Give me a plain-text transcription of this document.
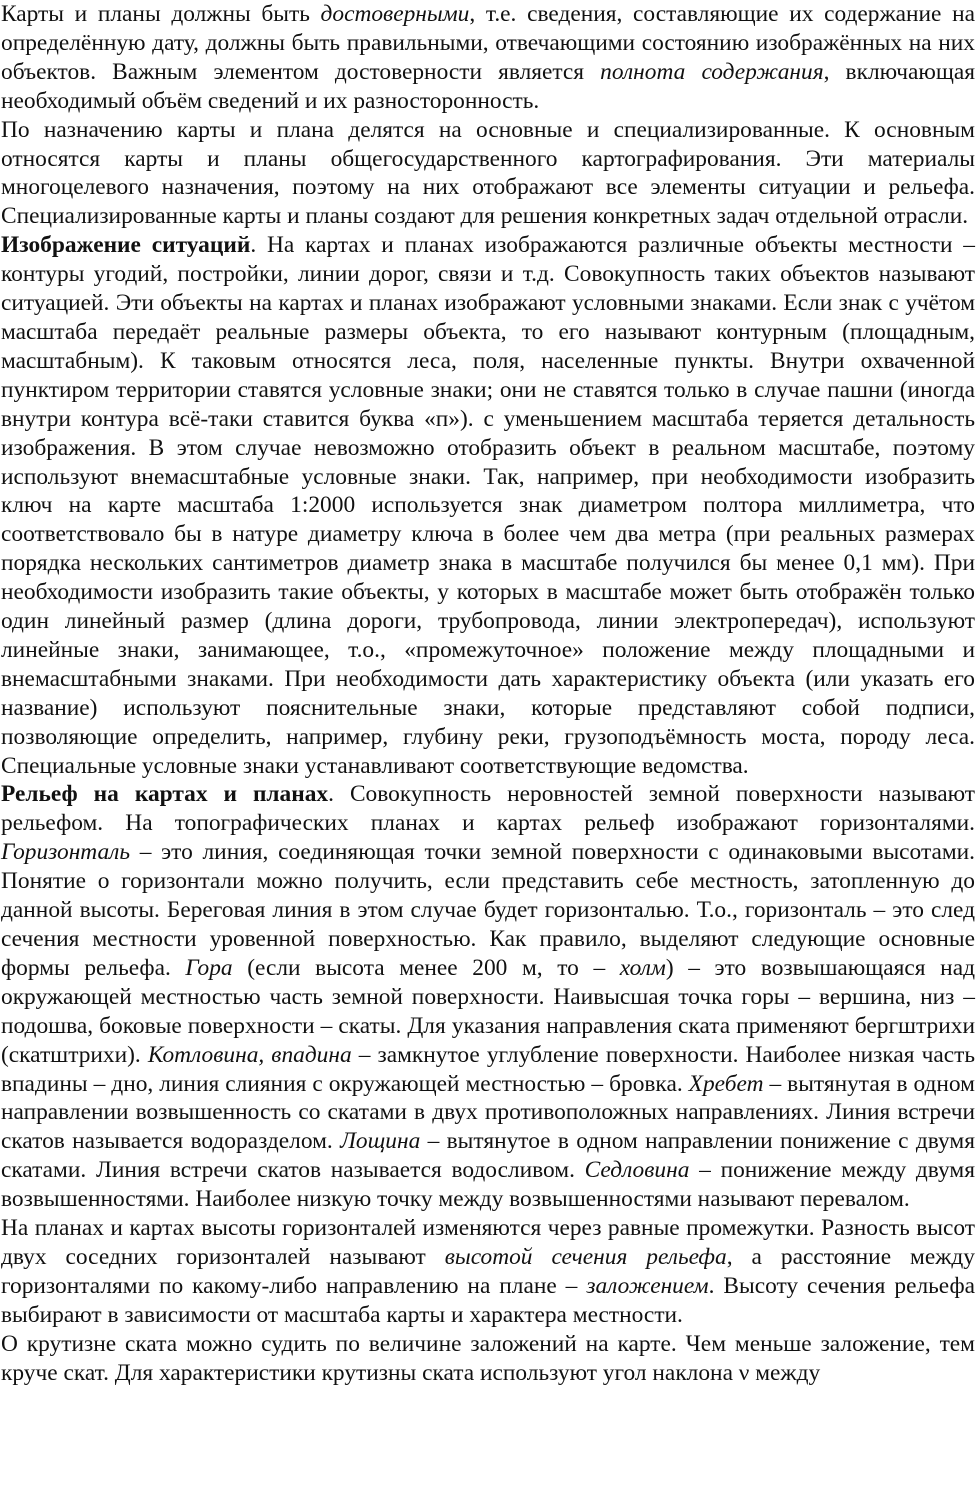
Карты и планы должны быть достоверными, т.е. сведения, составляющие их содержание на определённую дату, должны быть правильными, отвечающими состоянию изображённых на них объектов. Важным элементом достоверности является полнота содержания, включающая необходимый объём сведений и их разносторонность.

По назначению карты и плана делятся на основные и специализированные. К основным относятся карты и планы общегосударственного картографирования. Эти материалы многоцелевого назначения, поэтому на них отображают все элементы ситуации и рельефа. Специализированные карты и планы создают для решения конкретных задач отдельной отрасли.

Изображение ситуаций. На картах и планах изображаются различные объекты местности – контуры угодий, постройки, линии дорог, связи и т.д. Совокупность таких объектов называют ситуацией. Эти объекты на картах и планах изображают условными знаками. Если знак с учётом масштаба передаёт реальные размеры объекта, то его называют контурным (площадным, масштабным). К таковым относятся леса, поля, населенные пункты. Внутри охваченной пунктиром территории ставятся условные знаки; они не ставятся только в случае пашни (иногда внутри контура всё-таки ставится буква «п»). с уменьшением масштаба теряется детальность изображения. В этом случае невозможно отобразить объект в реальном масштабе, поэтому используют внемасштабные условные знаки. Так, например, при необходимости изобразить ключ на карте масштаба 1:2000 используется знак диаметром полтора миллиметра, что соответствовало бы в натуре диаметру ключа в более чем два метра (при реальных размерах порядка нескольких сантиметров диаметр знака в масштабе получился бы менее 0,1 мм). При необходимости изобразить такие объекты, у которых в масштабе может быть отображён только один линейный размер (длина дороги, трубопровода, линии электропередач), используют линейные знаки, занимающее, т.о., «промежуточное» положение между площадными и внемасштабными знаками. При необходимости дать характеристику объекта (или указать его название) используют пояснительные знаки, которые представляют собой подписи, позволяющие определить, например, глубину реки, грузоподъёмность моста, породу леса. Специальные условные знаки устанавливают соответствующие ведомства.

Рельеф на картах и планах. Совокупность неровностей земной поверхности называют рельефом. На топографических планах и картах рельеф изображают горизонталями. Горизонталь – это линия, соединяющая точки земной поверхности с одинаковыми высотами. Понятие о горизонтали можно получить, если представить себе местность, затопленную до данной высоты. Береговая линия в этом случае будет горизонталью. Т.о., горизонталь – это след сечения местности уровенной поверхностью. Как правило, выделяют следующие основные формы рельефа. Гора (если высота менее 200 м, то – холм) – это возвышающаяся над окружающей местностью часть земной поверхности. Наивысшая точка горы – вершина, низ – подошва, боковые поверхности – скаты. Для указания направления ската применяют бергштрихи (скатштрихи). Котловина, впадина – замкнутое углубление поверхности. Наиболее низкая часть впадины – дно, линия слияния с окружающей местностью – бровка. Хребет – вытянутая в одном направлении возвышенность со скатами в двух противоположных направлениях. Линия встречи скатов называется водоразделом. Лощина – вытянутое в одном направлении понижение с двумя скатами. Линия встречи скатов называется водосливом. Седловина – понижение между двумя возвышенностями. Наиболее низкую точку между возвышенностями называют перевалом.

На планах и картах высоты горизонталей изменяются через равные промежутки. Разность высот двух соседних горизонталей называют высотой сечения рельефа, а расстояние между горизонталями по какому-либо направлению на плане – заложением. Высоту сечения рельефа выбирают в зависимости от масштаба карты и характера местности.

О крутизне ската можно судить по величине заложений на карте. Чем меньше заложение, тем круче скат. Для характеристики крутизны ската используют угол наклона ν между
